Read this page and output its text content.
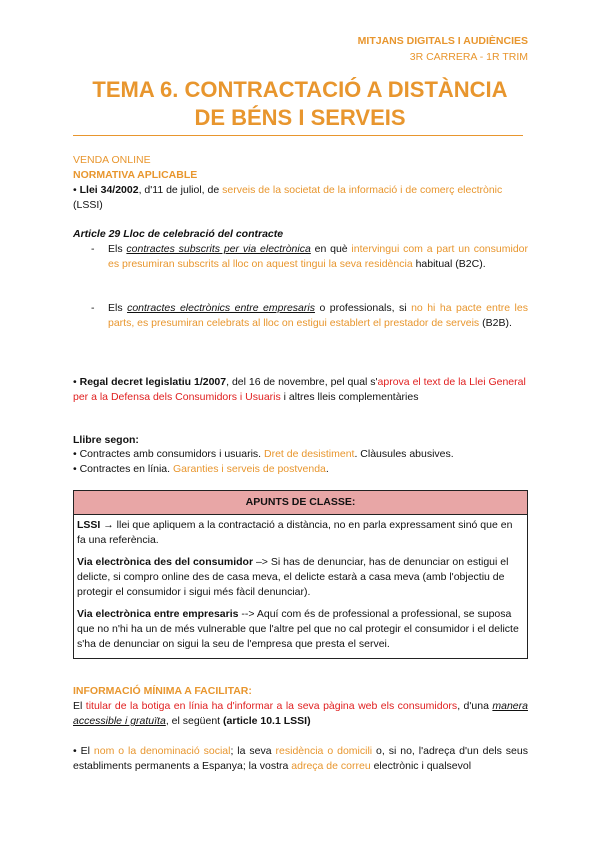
MITJANS DIGITALS I AUDIÈNCIES
3R CARRERA - 1R TRIM
TEMA 6. CONTRACTACIÓ A DISTÀNCIA
DE BÉNS I SERVEIS
VENDA ONLINE
NORMATIVA APLICABLE
• Llei 34/2002, d'11 de juliol, de serveis de la societat de la informació i de comerç electrònic
(LSSI)
Article 29 Lloc de celebració del contracte
- Els contractes subscrits per via electrònica en què intervingui com a part un consumidor es presumiran subscrits al lloc on aquest tingui la seva residència habitual (B2C).
- Els contractes electrònics entre empresaris o professionals, si no hi ha pacte entre les parts, es presumiran celebrats al lloc on estigui establert el prestador de serveis (B2B).
• Regal decret legislatiu 1/2007, del 16 de novembre, pel qual s'aprova el text de la Llei General per a la Defensa dels Consumidors i Usuaris i altres lleis complementàries
Llibre segon:
• Contractes amb consumidors i usuaris. Dret de desistiment. Clàusules abusives.
• Contractes en línia. Garanties i serveis de postvenda.
APUNTS DE CLASSE:

LSSI → llei que apliquem a la contractació a distància, no en parla expressament sinó que en fa una referència.

Via electrònica des del consumidor –> Si has de denunciar, has de denunciar on estigui el delicte, si compro online des de casa meva, el delicte estarà a casa meva (amb l'objectiu de protegir el consumidor i sigui més fàcil denunciar).

Via electrònica entre empresaris --> Aquí com és de professional a professional, se suposa que no n'hi ha un de més vulnerable que l'altre pel que no cal protegir el consumidor i el delicte s'ha de denunciar on sigui la seu de l'empresa que presta el servei.

INFORMACIÓ MÍNIMA A FACILITAR:
El titular de la botiga en línia ha d'informar a la seva pàgina web els consumidors, d'una manera accessible i gratuïta, el següent (article 10.1 LSSI)
• El nom o la denominació social; la seva residència o domicili o, si no, l'adreça d'un dels seus establiments permanents a Espanya; la vostra adreça de correu electrònic i qualsevol
